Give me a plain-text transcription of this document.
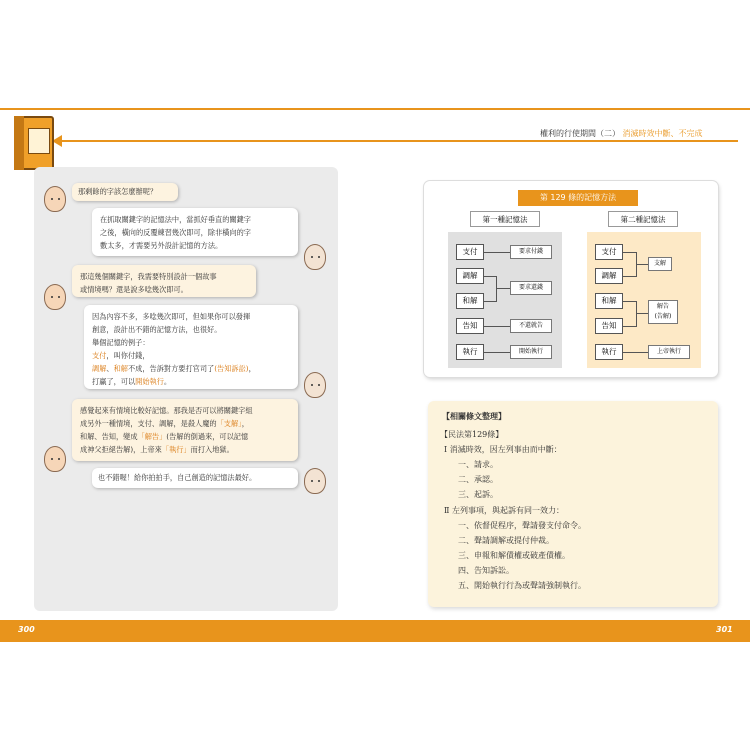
權利的行使期間（二） 消滅時效中斷、不完成
那剩餘的字該怎麼辦呢？
在抓取關鍵字的記憶法中，當抓好垂直的關鍵字
之後，橫向的反覆練習幾次即可，除非橫向的字
數太多，才需要另外設計記憶的方法。
那這幾個關鍵字，我需要特別設計一個故事
或情境嗎？還是說多唸幾次即可。
因為內容不多，多唸幾次即可，但如果你可以發揮
創意，設計出不錯的記憶方法，也很好。
舉個記憶的例子：
支付，叫你付錢，
調解、和解不成，告訴對方要打官司了(告知訴訟)，
打贏了，可以開始執行。
感覺起來有情境比較好記憶。那我是否可以將關鍵字組
成另外一種情境，支付、調解，是殺人魔的「支解」，
和解、告知，變成「解告」(告解的倒過來，可以記憶
成神父拒絕告解)，上帝來「執行」而打入地獄。
也不錯喔！給你拍拍手，自己創造的記憶法最好。
第 129 條的記憶方法
第一種記憶法	第二種記憶法
支付
調解
和解
告知
執行
要求付錢
要求還錢
不還就告
開始執行
支付
調解
和解
告知
執行
支解
解告
(告解)
上帝執行
【相關條文整理】
【民法第129條】
Ⅰ 消滅時效，因左列事由而中斷：
一、請求。
二、承認。
三、起訴。
Ⅱ 左列事項，與起訴有同一效力：
一、依督促程序，聲請發支付命令。
二、聲請調解或提付仲裁。
三、申報和解債權或破產債權。
四、告知訴訟。
五、開始執行行為或聲請強制執行。
300	301
